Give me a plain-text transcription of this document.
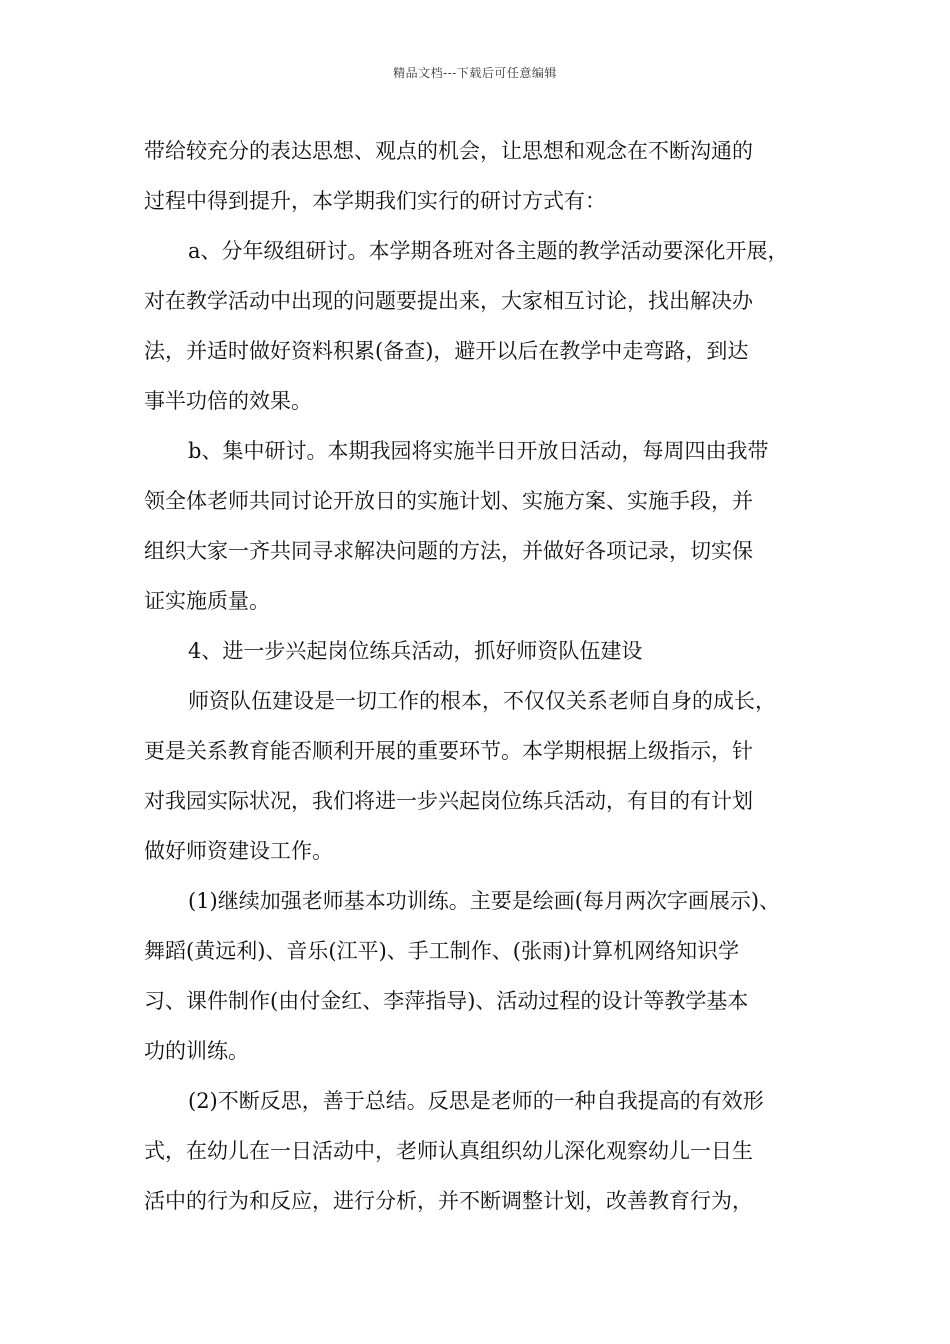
精品文档---下载后可任意编辑
带给较充分的表达思想、观点的机会，让思想和观念在不断沟通的
过程中得到提升，本学期我们实行的研讨方式有：
a、分年级组研讨。本学期各班对各主题的教学活动要深化开展，
对在教学活动中出现的问题要提出来，大家相互讨论，找出解决办
法，并适时做好资料积累(备查)，避开以后在教学中走弯路，到达
事半功倍的效果。
b、集中研讨。本期我园将实施半日开放日活动，每周四由我带
领全体老师共同讨论开放日的实施计划、实施方案、实施手段，并
组织大家一齐共同寻求解决问题的方法，并做好各项记录，切实保
证实施质量。
4、进一步兴起岗位练兵活动，抓好师资队伍建设
师资队伍建设是一切工作的根本，不仅仅关系老师自身的成长，
更是关系教育能否顺利开展的重要环节。本学期根据上级指示，针
对我园实际状况，我们将进一步兴起岗位练兵活动，有目的有计划
做好师资建设工作。
(1)继续加强老师基本功训练。主要是绘画(每月两次字画展示)、
舞蹈(黄远利)、音乐(江平)、手工制作、(张雨)计算机网络知识学
习、课件制作(由付金红、李萍指导)、活动过程的设计等教学基本
功的训练。
(2)不断反思，善于总结。反思是老师的一种自我提高的有效形
式，在幼儿在一日活动中，老师认真组织幼儿深化观察幼儿一日生
活中的行为和反应，进行分析，并不断调整计划，改善教育行为，
